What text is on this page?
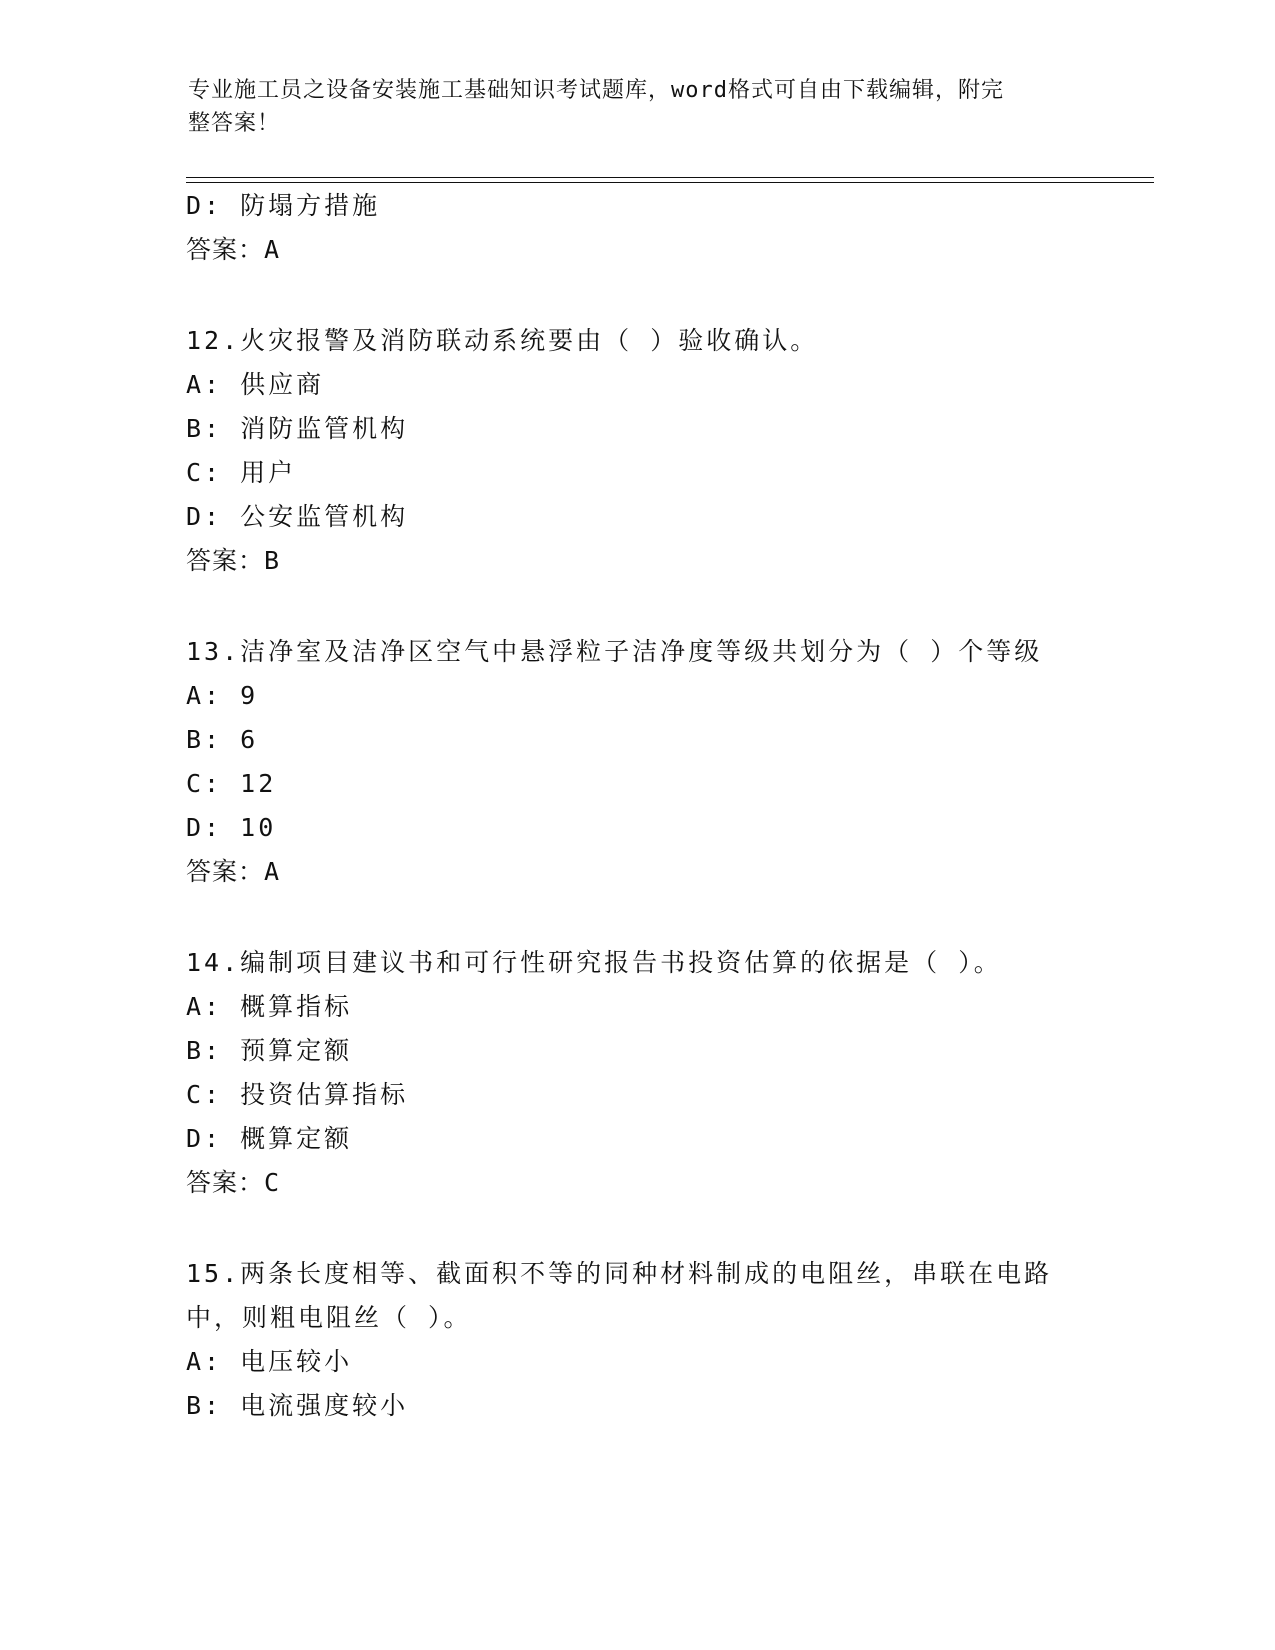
专业施工员之设备安装施工基础知识考试题库，word格式可自由下载编辑，附完
整答案！
D: 防塌方措施
答案：A
12.火灾报警及消防联动系统要由（ ）验收确认。
A: 供应商
B: 消防监管机构
C: 用户
D: 公安监管机构
答案：B
13.洁净室及洁净区空气中悬浮粒子洁净度等级共划分为（ ）个等级
A: 9
B: 6
C: 12
D: 10
答案：A
14.编制项目建议书和可行性研究报告书投资估算的依据是（ ）。
A: 概算指标
B: 预算定额
C: 投资估算指标
D: 概算定额
答案：C
15.两条长度相等、截面积不等的同种材料制成的电阻丝，串联在电路
中，则粗电阻丝（ ）。
A: 电压较小
B: 电流强度较小
